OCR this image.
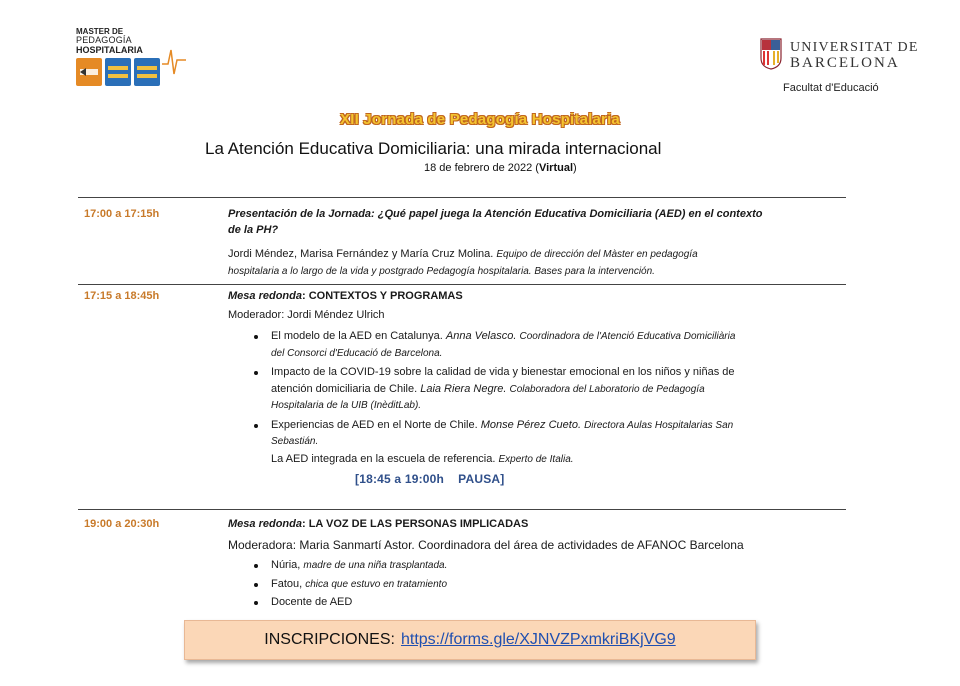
MASTER DE
PEDAGOGÍA
HOSPITALARIA	UNIVERSITAT DE
BARCELONA
Facultat d'Educació
XII Jornada de Pedagogía Hospitalaria
La Atención Educativa Domiciliaria: una mirada internacional
18 de febrero de 2022 (Virtual)
17:00 a 17:15h	Presentación de la Jornada: ¿Qué papel juega la Atención Educativa Domiciliaria (AED) en el contexto
de la PH?
Jordi Méndez, Marisa Fernández y María Cruz Molina. Equipo de dirección del Màster en pedagogía
hospitalaria a lo largo de la vida y postgrado Pedagogía hospitalaria. Bases para la intervención.
17:15 a 18:45h	Mesa redonda: CONTEXTOS Y PROGRAMAS
Moderador: Jordi Méndez Ulrich
El modelo de la AED en Catalunya. Anna Velasco. Coordinadora de l'Atenció Educativa Domiciliària
del Consorci d'Educació de Barcelona.
Impacto de la COVID-19 sobre la calidad de vida y bienestar emocional en los niños y niñas de
atención domiciliaria de Chile. Laia Riera Negre. Colaboradora del Laboratorio de Pedagogía
Hospitalaria de la UIB (InèditLab).
Experiencias de AED en el Norte de Chile. Monse Pérez Cueto. Directora Aulas Hospitalarias San
Sebastián.
La AED integrada en la escuela de referencia. Experto de Italia.
[18:45 a 19:00h    PAUSA]
19:00 a 20:30h	Mesa redonda: LA VOZ DE LAS PERSONAS IMPLICADAS
Moderadora: Maria Sanmartí Astor. Coordinadora del área de actividades de AFANOC Barcelona
Núria, madre de una niña trasplantada.
Fatou, chica que estuvo en tratamiento
Docente de AED
INSCRIPCIONES: https://forms.gle/XJNVZPxmkriBKjVG9
